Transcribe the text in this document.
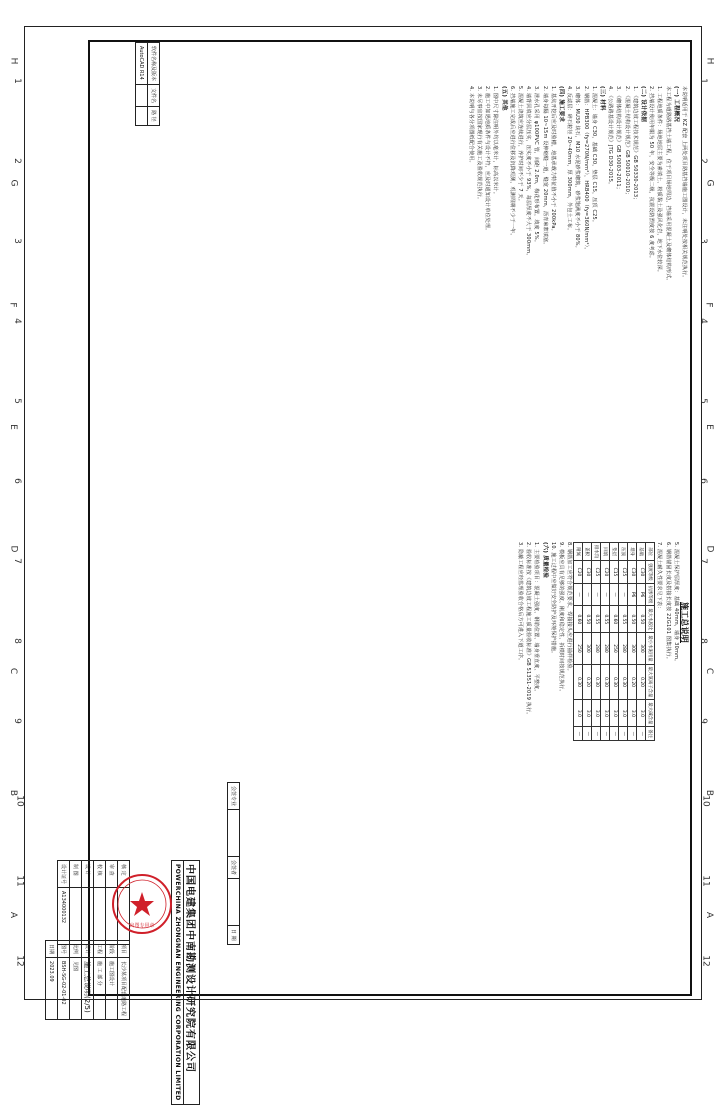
A	A
B	B
C	C
D	D
E	E
F	F
G	G
H	H
1
1
2
2
3
3
4
4
5
5
6
6
7
7
8
8
9
9
10
10
11
11
12
12
软件名称及版本	文件名	路 径
AutoCAD R14		
本说明适用于 KZ 配套 上两处项目路基挡墙施工图设计，未注明处按相关规范执行。
(一) 工程概况
本工程为道路路基挡土墙工程，位于项目场地周边，挡墙采用混凝土及砌体结构形式。
1. 工程地质条件：场地地层主要为素填土、粉质黏土及强风化岩，地下水位较深。
2. 挡墙设计使用年限为 50 年，安全等级二级，抗震设防烈度按 6 度考虑。
(二) 设计依据
1. 《建筑边坡工程技术规范》GB 50330-2013；
2. 《混凝土结构设计规范》GB 50010-2010；
3. 《砌体结构设计规范》GB 50003-2011；
4. 《公路路基设计规范》JTG D30-2015。
(三) 材料
1. 混凝土：墙身 C30，基础 C30，垫层 C15，压顶 C25。
2. 钢筋：HPB300（fy=270N/mm²），HRB400（fy=360N/mm²）。
3. 砌体：MU30 块石，M10 水泥砂浆砌筑，砂浆饱满度不小于 80%。
4. 反滤层：碎石粒径 20~40mm，厚 300mm，外包土工布。
(四) 施工要求
1. 基坑开挖后应及时验槽，地基承载力特征值不小于 200kPa。
2. 墙身每隔 10~15m 设伸缩缝一道，缝宽 20mm，沥青麻絮填塞。
3. 泄水孔采用 φ100PVC 管，间距 2.0m，梅花形布置，坡度 5%。
4. 墙背回填应分层压实，压实度不小于 93%，每层厚度不大于 300mm。
5. 混凝土浇筑应连续进行，养护时间不少于 7 天。
6. 挡墙施工完成后应进行位移及沉降观测，观测周期不少于一年。
(五) 其他
1. 图中尺寸除注明外均以毫米计，标高以米计。
2. 施工中如遇地质条件与设计不符，应及时通知设计单位处理。
3. 未尽事宜按国家现行有关施工及验收规范执行。
4. 本说明与各分项图纸配合使用。
施工总说明
5. 混凝土保护层厚度：基础 40mm，墙身 30mm。
6. 钢筋锚固长度及搭接长度按 22G101 图集执行。
7. 混凝土耐久性要求见下表：
部位	强度等级	抗渗等级	最大水胶比	最小水泥用量	最大氯离子含量	最大碱含量	备注
基础	C30	P6	0.50	300	0.20	3.0	—
墙身	C30	P6	0.50	300	0.20	3.0	—
压顶	C25	—	0.55	280	0.30	3.0	—
垫层	C15	—	0.60	250	0.30	3.0	—
回填	C20	—	0.55	280	0.30	3.0	—
排水沟	C25	—	0.55	280	0.30	3.0	—
盖板	C30	—	0.50	300	0.20	3.0	—
附属	C20	—	0.60	250	0.30	3.0	—
8. 钢筋加工应符合规范要求，焊接接头应进行抽样检验。
9. 模板应具有足够的强度、刚度和稳定性，拆模时间按规范执行。
10. 施工过程中应做好安全防护及环境保护措施。
(六) 质量检验
1. 主要检验项目：混凝土强度、钢筋位置、墙身垂直度、平整度。
2. 验收标准按《建筑边坡工程施工质量验收标准》GB 51351-2019 执行。
3. 隐蔽工程应经监理验收合格后方可进入下道工序。
中国电建集团中南勘测设计研究院有限公司
POWERCHINA ZHONGNAN ENGINEERING CORPORATION LIMITED
核 定	
审 查	
校 核	
设 计	
制 图	
设计证号	A134000132
项目	长沙某项目配套道路工程
阶段	施工图设计
工程	施 工 部 分
设计	施工总说明(2/5)
比例	见图
图号	BSH-SG-02-01-02
日期	2023.09
会签专业		会签者		日 期
出图专用章
